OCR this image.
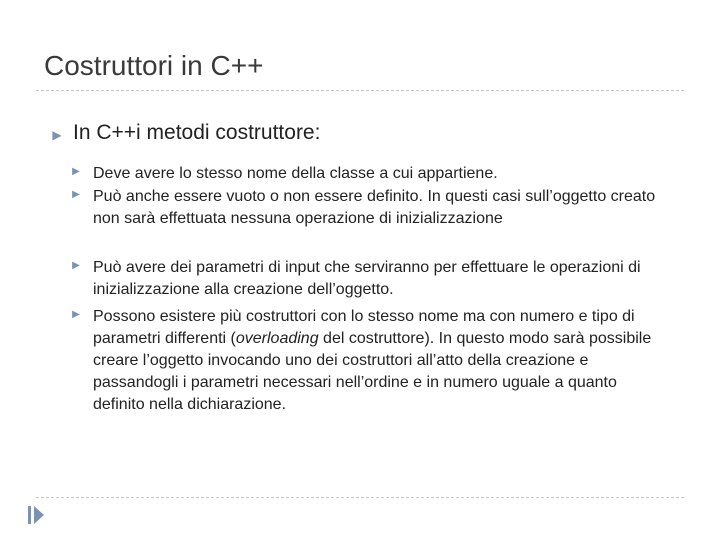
Costruttori in C++
▶ In C++i metodi costruttore:
▶ Deve avere lo stesso nome della classe a cui appartiene.
▶ Può anche essere vuoto o non essere definito. In questi casi sull’oggetto creato non sarà effettuata nessuna operazione di inizializzazione
▶ Può avere dei parametri di input che serviranno per effettuare le operazioni di inizializzazione alla creazione dell’oggetto.
▶ Possono esistere più costruttori con lo stesso nome ma con numero e tipo di parametri differenti (overloading del costruttore). In questo modo sarà possibile creare l’oggetto invocando uno dei costruttori all’atto della creazione e passandogli i parametri necessari nell’ordine e in numero uguale a quanto definito nella dichiarazione.
